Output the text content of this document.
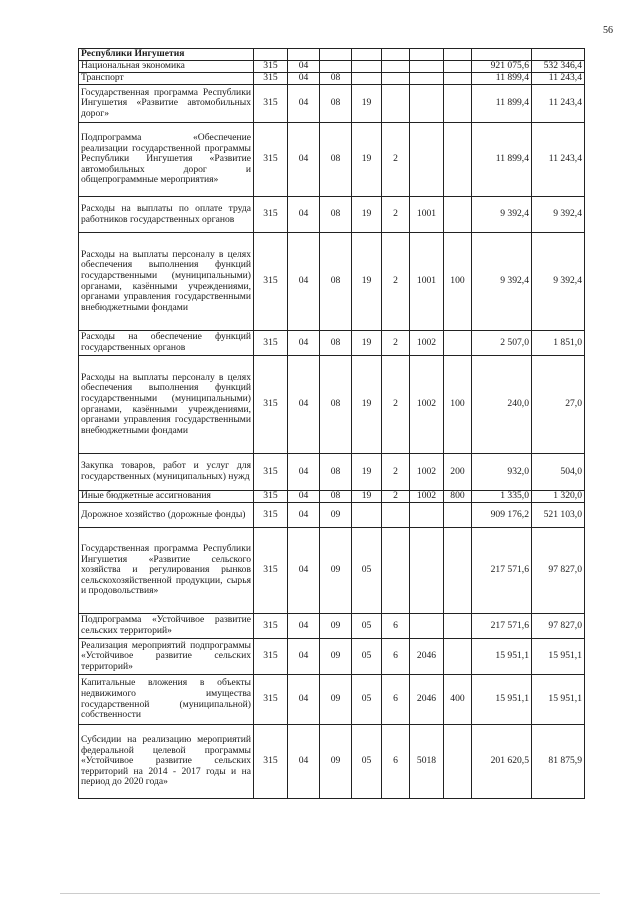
56
Республики Ингушетия									
Национальная экономика	315	04						921 075,6	532 346,4
Транспорт	315	04	08					11 899,4	11 243,4
Государственная программа Республики Ингушетия «Развитие автомобильных дорог»	315	04	08	19				11 899,4	11 243,4
Подпрограмма «Обеспечение реализации государственной программы Республики Ингушетия «Развитие автомобильных дорог и общепрограммные мероприятия»	315	04	08	19	2			11 899,4	11 243,4
Расходы на выплаты по оплате труда работников государственных органов	315	04	08	19	2	1001		9 392,4	9 392,4
Расходы на выплаты персоналу в целях обеспечения выполнения функций государственными (муниципальными) органами, казёнными учреждениями, органами управления государственными внебюджетными фондами	315	04	08	19	2	1001	100	9 392,4	9 392,4
Расходы на обеспечение функций государственных органов	315	04	08	19	2	1002		2 507,0	1 851,0
Расходы на выплаты персоналу в целях обеспечения выполнения функций государственными (муниципальными) органами, казёнными учреждениями, органами управления государственными внебюджетными фондами	315	04	08	19	2	1002	100	240,0	27,0
Закупка товаров, работ и услуг для государственных (муниципальных) нужд	315	04	08	19	2	1002	200	932,0	504,0
Иные бюджетные ассигнования	315	04	08	19	2	1002	800	1 335,0	1 320,0
Дорожное хозяйство (дорожные фонды)	315	04	09					909 176,2	521 103,0
Государственная программа Республики Ингушетия «Развитие сельского хозяйства и регулирования рынков сельскохозяйственной продукции, сырья и продовольствия»	315	04	09	05				217 571,6	97 827,0
Подпрограмма «Устойчивое развитие сельских территорий»	315	04	09	05	6			217 571,6	97 827,0
Реализация мероприятий подпрограммы «Устойчивое развитие сельских территорий»	315	04	09	05	6	2046		15 951,1	15 951,1
Капитальные вложения в объекты недвижимого имущества государственной (муниципальной) собственности	315	04	09	05	6	2046	400	15 951,1	15 951,1
Субсидии на реализацию мероприятий федеральной целевой программы «Устойчивое развитие сельских территорий на 2014 - 2017 годы и на период до 2020 года»	315	04	09	05	6	5018		201 620,5	81 875,9
